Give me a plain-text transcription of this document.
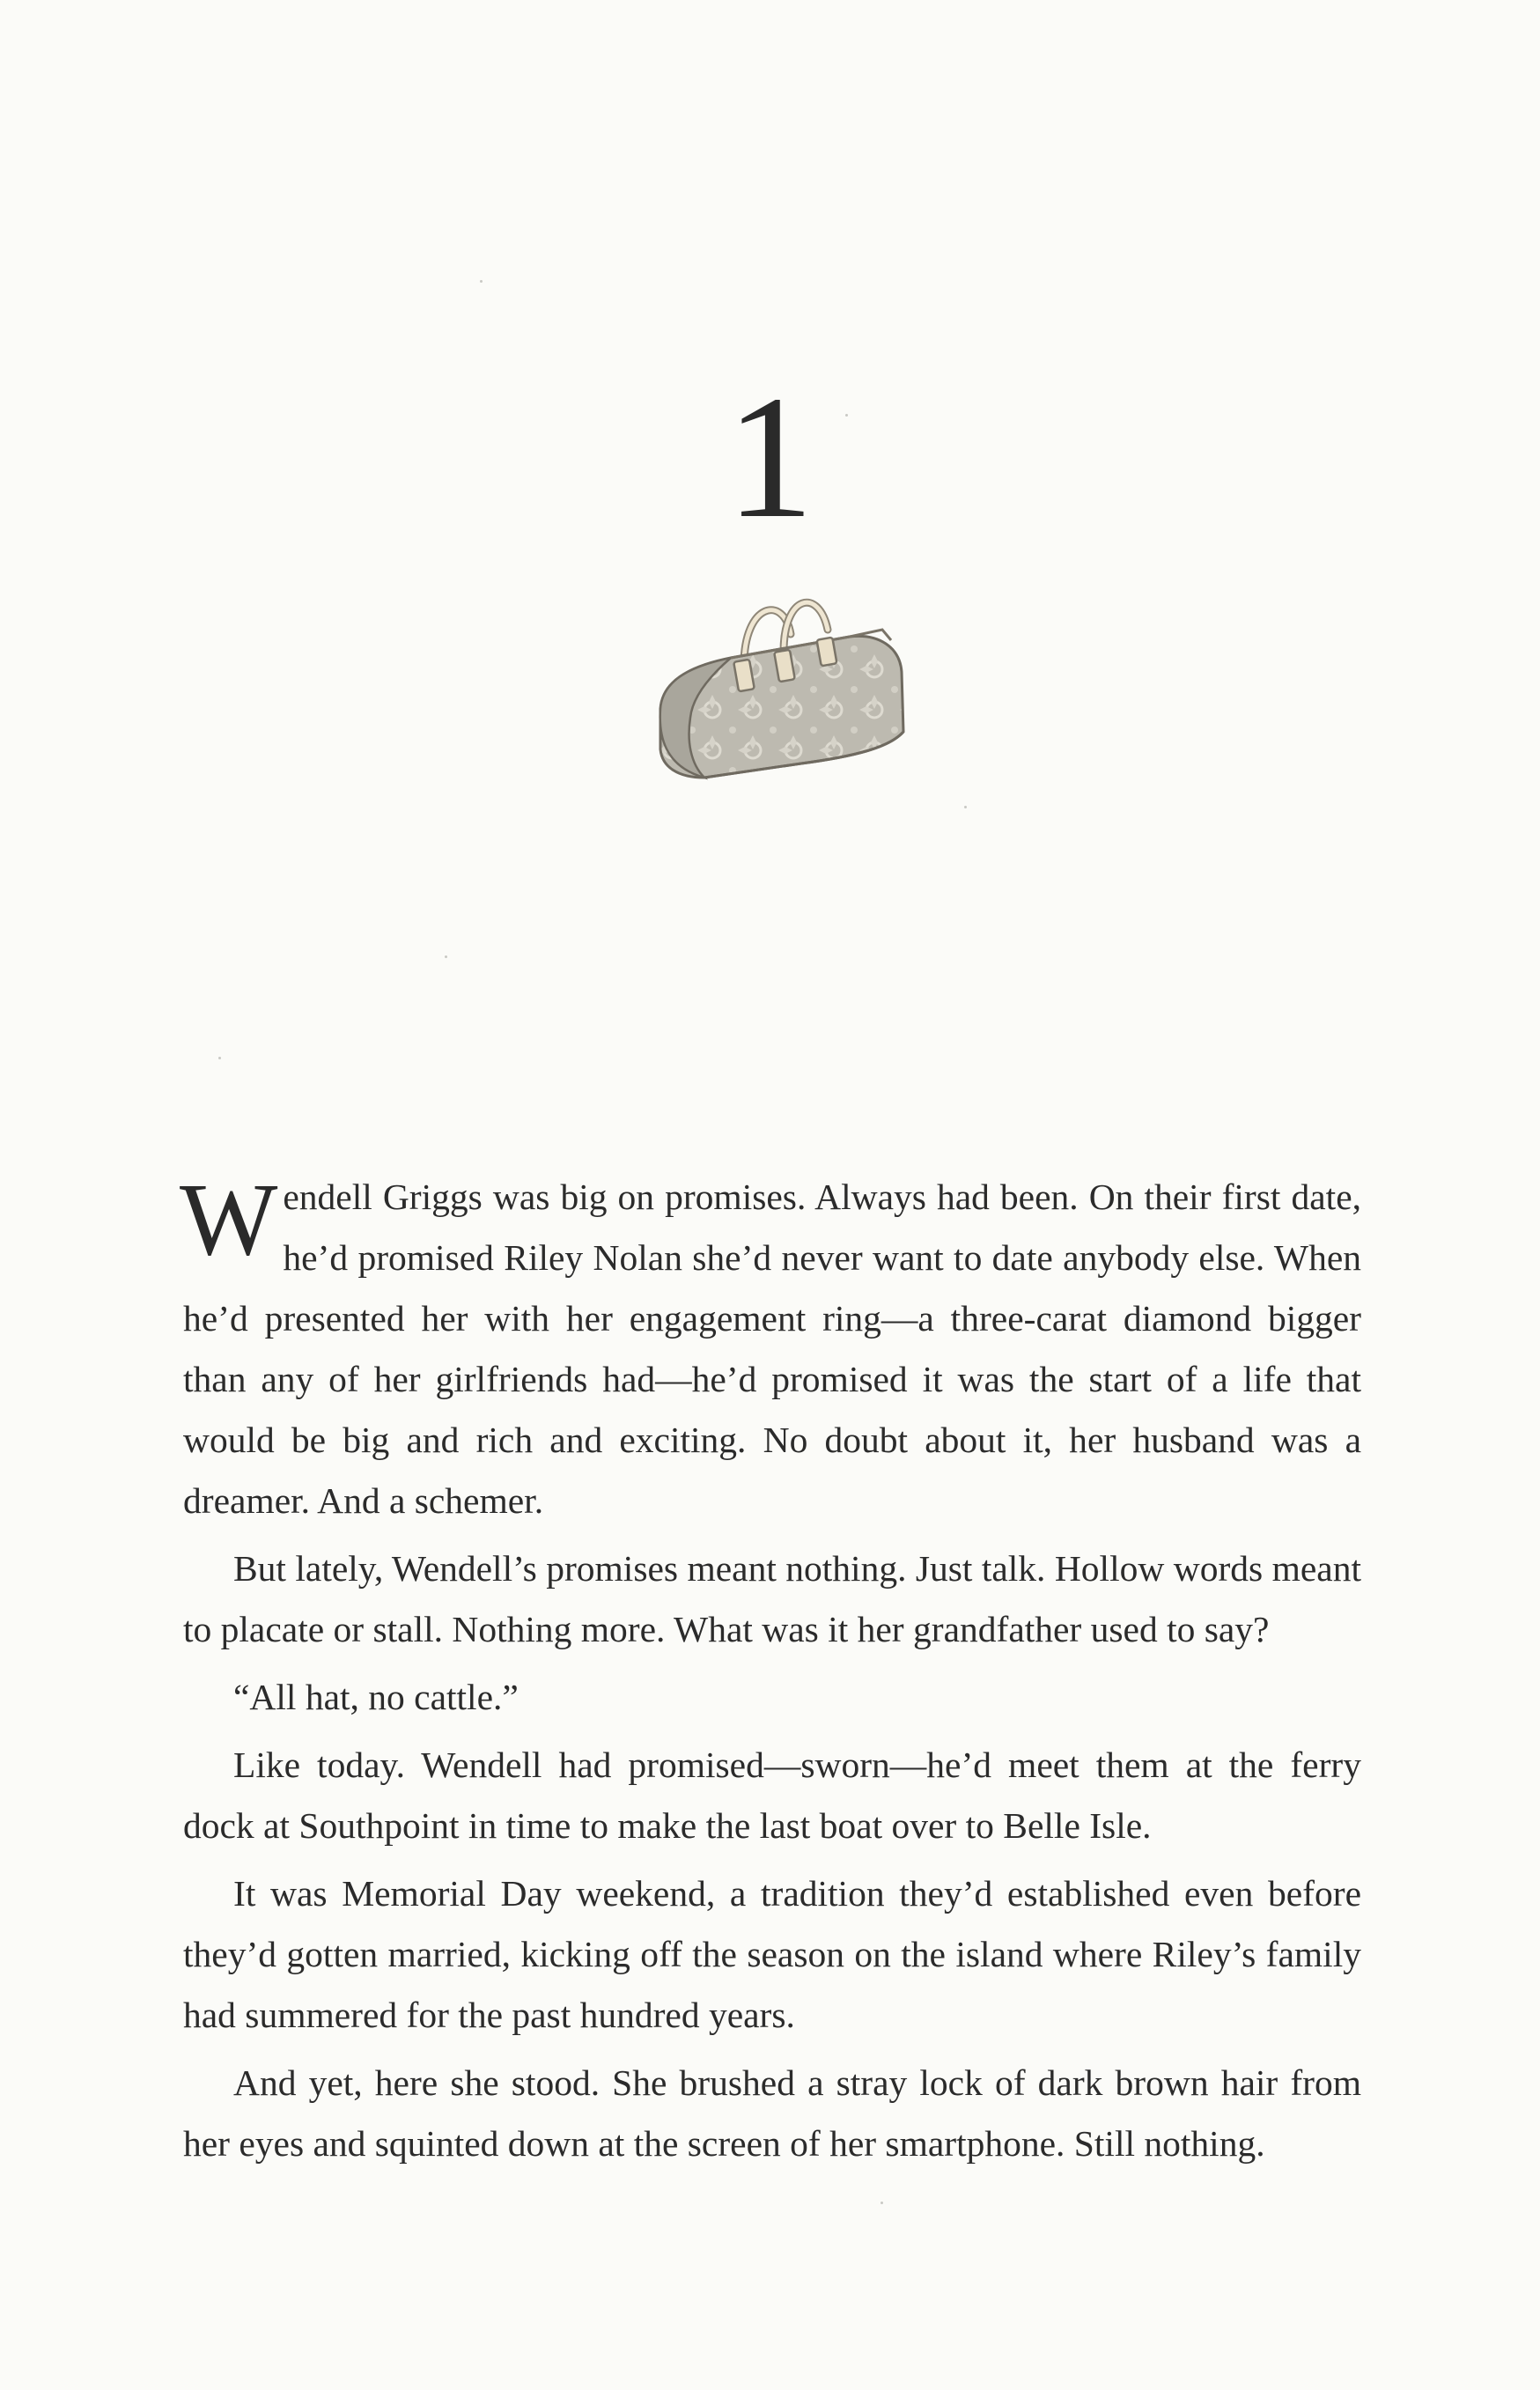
1

Wendell Griggs was big on promises. Always had been. On their first date, he’d promised Riley Nolan she’d never want to date anybody else. When he’d presented her with her engagement ring—a three-carat diamond bigger than any of her girlfriends had—he’d promised it was the start of a life that would be big and rich and exciting. No doubt about it, her husband was a dreamer. And a schemer.

But lately, Wendell’s promises meant nothing. Just talk. Hollow words meant to placate or stall. Nothing more. What was it her grandfather used to say?

“All hat, no cattle.”

Like today. Wendell had promised—sworn—he’d meet them at the ferry dock at Southpoint in time to make the last boat over to Belle Isle.

It was Memorial Day weekend, a tradition they’d established even before they’d gotten married, kicking off the season on the island where Riley’s family had summered for the past hundred years.

And yet, here she stood. She brushed a stray lock of dark brown hair from her eyes and squinted down at the screen of her smartphone. Still nothing.
